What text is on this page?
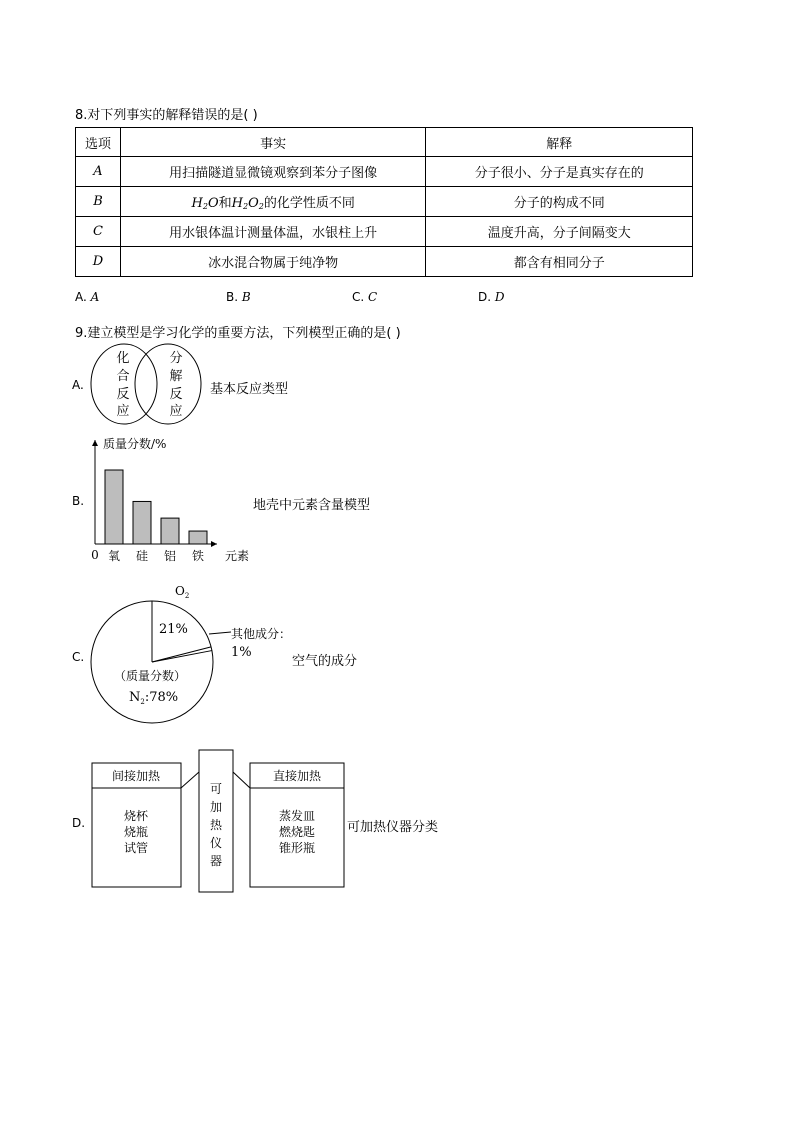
8.对下列事实的解释错误的是( )
选项	事实	解释
A	用扫描隧道显微镜观察到苯分子图像	分子很小、分子是真实存在的
B	$H_2O$和$H_2O_2$的化学性质不同	分子的构成不同
C	用水银体温计测量体温，水银柱上升	温度升高，分子间隔变大
D	冰水混合物属于纯净物	都含有相同分子
A. A	B. B	C. C	D. D
9.建立模型是学习化学的重要方法，下列模型正确的是( )
A.
化
合
反
应
分
解
反
应
基本反应类型
B.
质量分数/%
0	元素
氧 硅 铝 铁
地壳中元素含量模型
C.
$O_2$
21%	其他成分：
1%
（质量分数）
$N_2:78\%$
空气的成分
D.
间接加热
烧杯
烧瓶
试管
可
加
热
仪
器
直接加热
蒸发皿
燃烧匙
锥形瓶
可加热仪器分类
